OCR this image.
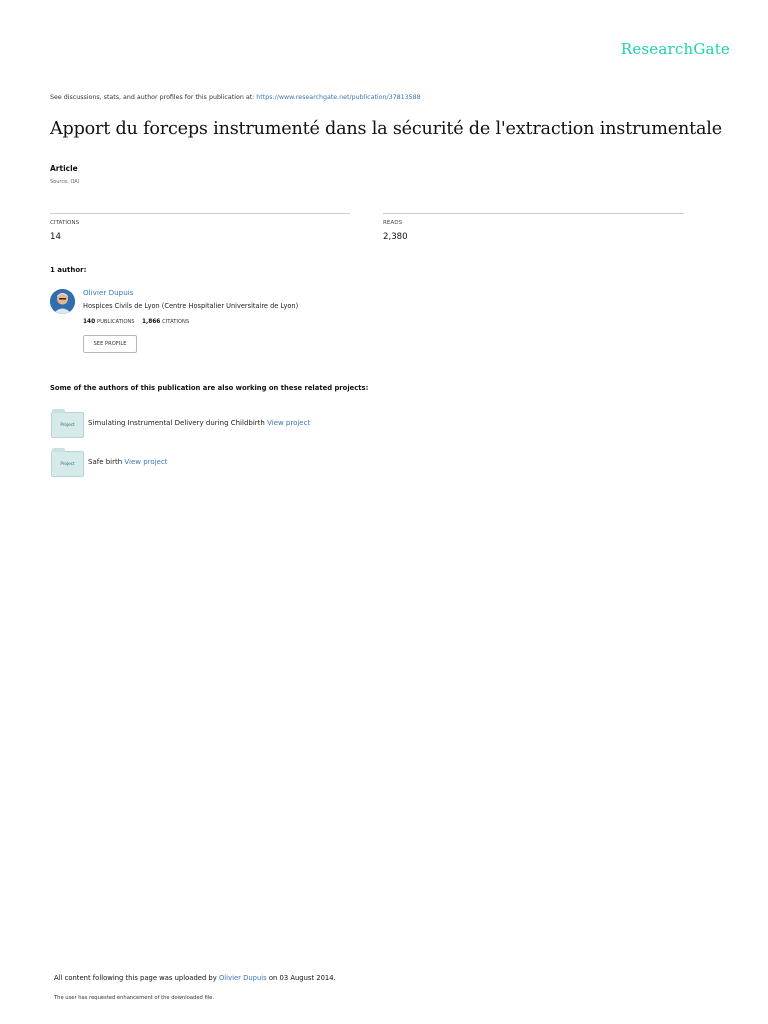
ResearchGate
See discussions, stats, and author profiles for this publication at: https://www.researchgate.net/publication/37813588
Apport du forceps instrumenté dans la sécurité de l'extraction instrumentale
Article
Source: OAI
CITATIONS
14
READS
2,380
1 author:
Olivier Dupuis
Hospices Civils de Lyon (Centre Hospitalier Universitaire de Lyon)
140 PUBLICATIONS 1,866 CITATIONS
SEE PROFILE
Some of the authors of this publication are also working on these related projects:
Project	Simulating Instrumental Delivery during Childbirth View project
Project	Safe birth View project
All content following this page was uploaded by Olivier Dupuis on 03 August 2014.
The user has requested enhancement of the downloaded file.
